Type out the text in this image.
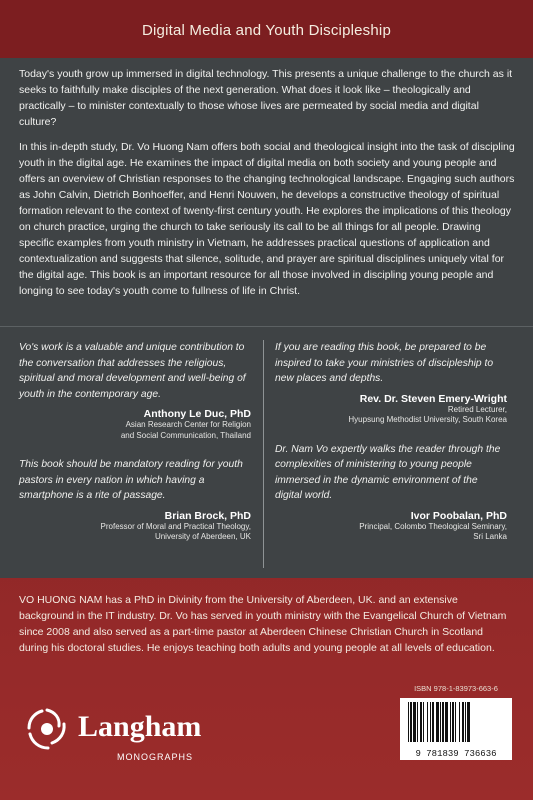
Digital Media and Youth Discipleship

Today's youth grow up immersed in digital technology. This presents a unique challenge to the church as it seeks to faithfully make disciples of the next generation. What does it look like – theologically and practically – to minister contextually to those whose lives are permeated by social media and digital culture?

In this in-depth study, Dr. Vo Huong Nam offers both social and theological insight into the task of discipling youth in the digital age. He examines the impact of digital media on both society and young people and offers an overview of Christian responses to the changing technological landscape. Engaging such authors as John Calvin, Dietrich Bonhoeffer, and Henri Nouwen, he develops a constructive theology of spiritual formation relevant to the context of twenty-first century youth. He explores the implications of this theology on church practice, urging the church to take seriously its call to be all things for all people. Drawing specific examples from youth ministry in Vietnam, he addresses practical questions of application and contextualization and suggests that silence, solitude, and prayer are spiritual disciplines uniquely vital for the digital age. This book is an important resource for all those involved in discipling young people and longing to see today's youth come to fullness of life in Christ.

Vo's work is a valuable and unique contribution to the conversation that addresses the religious, spiritual and moral development and well-being of youth in the contemporary age.

Anthony Le Duc, PhD
Asian Research Center for Religion
and Social Communication, Thailand

This book should be mandatory reading for youth pastors in every nation in which having a smartphone is a rite of passage.

Brian Brock, PhD
Professor of Moral and Practical Theology,
University of Aberdeen, UK

If you are reading this book, be prepared to be inspired to take your ministries of discipleship to new places and depths.

Rev. Dr. Steven Emery-Wright
Retired Lecturer,
Hyupsung Methodist University, South Korea

Dr. Nam Vo expertly walks the reader through the complexities of ministering to young people immersed in the dynamic environment of the digital world.

Ivor Poobalan, PhD
Principal, Colombo Theological Seminary,
Sri Lanka
VO HUONG NAM has a PhD in Divinity from the University of Aberdeen, UK. and an extensive background in the IT industry. Dr. Vo has served in youth ministry with the Evangelical Church of Vietnam since 2008 and also served as a part-time pastor at Aberdeen Chinese Christian Church in Scotland during his doctoral studies. He enjoys teaching both adults and young people at all levels of education.
Langham
MONOGRAPHS
ISBN 978-1-83973-663-6
9 781839 736636
